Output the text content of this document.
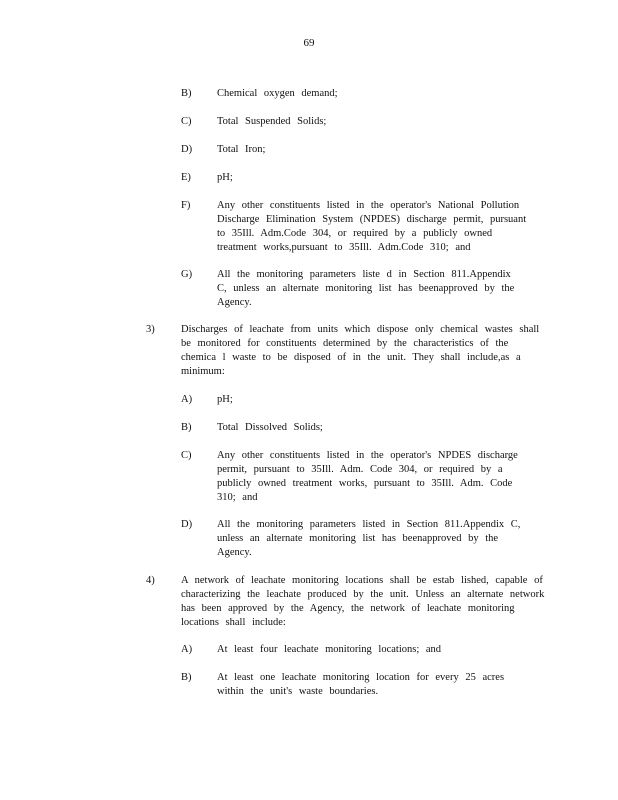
69
B) Chemical oxygen demand;
C) Total Suspended Solids;
D) Total Iron;
E) pH;
F)	Any other constituents listed in the operator's National Pollution Discharge Elimination System (NPDES) discharge permit, pursuant to 35Ill. Adm.Code 304, or required by a publicly owned treatment works,pursuant to 35Ill. Adm.Code 310; and
G) All the monitoring parameters liste d in Section 811.Appendix C, unless an alternate monitoring list has beenapproved by the Agency.
3)	Discharges of leachate from units which dispose only chemical wastes shall be monitored for constituents determined by the characteristics of the chemica l waste to be disposed of in the unit. They shall include,as a minimum:
A) pH;
B) Total Dissolved Solids;
C) Any other constituents listed in the operator's NPDES discharge permit, pursuant to 35Ill. Adm. Code 304, or required by a publicly owned treatment works, pursuant to 35Ill. Adm. Code 310; and
D) All the monitoring parameters listed in Section 811.Appendix C, unless an alternate monitoring list has beenapproved by the Agency.
4)	A network of leachate monitoring locations shall be estab lished, capable of characterizing the leachate produced by the unit. Unless an alternate network has been approved by the Agency, the network of leachate monitoring locations shall include:
A) At least four leachate monitoring locations; and
B) At least one leachate monitoring location for every 25 acres within the unit's waste boundaries.
